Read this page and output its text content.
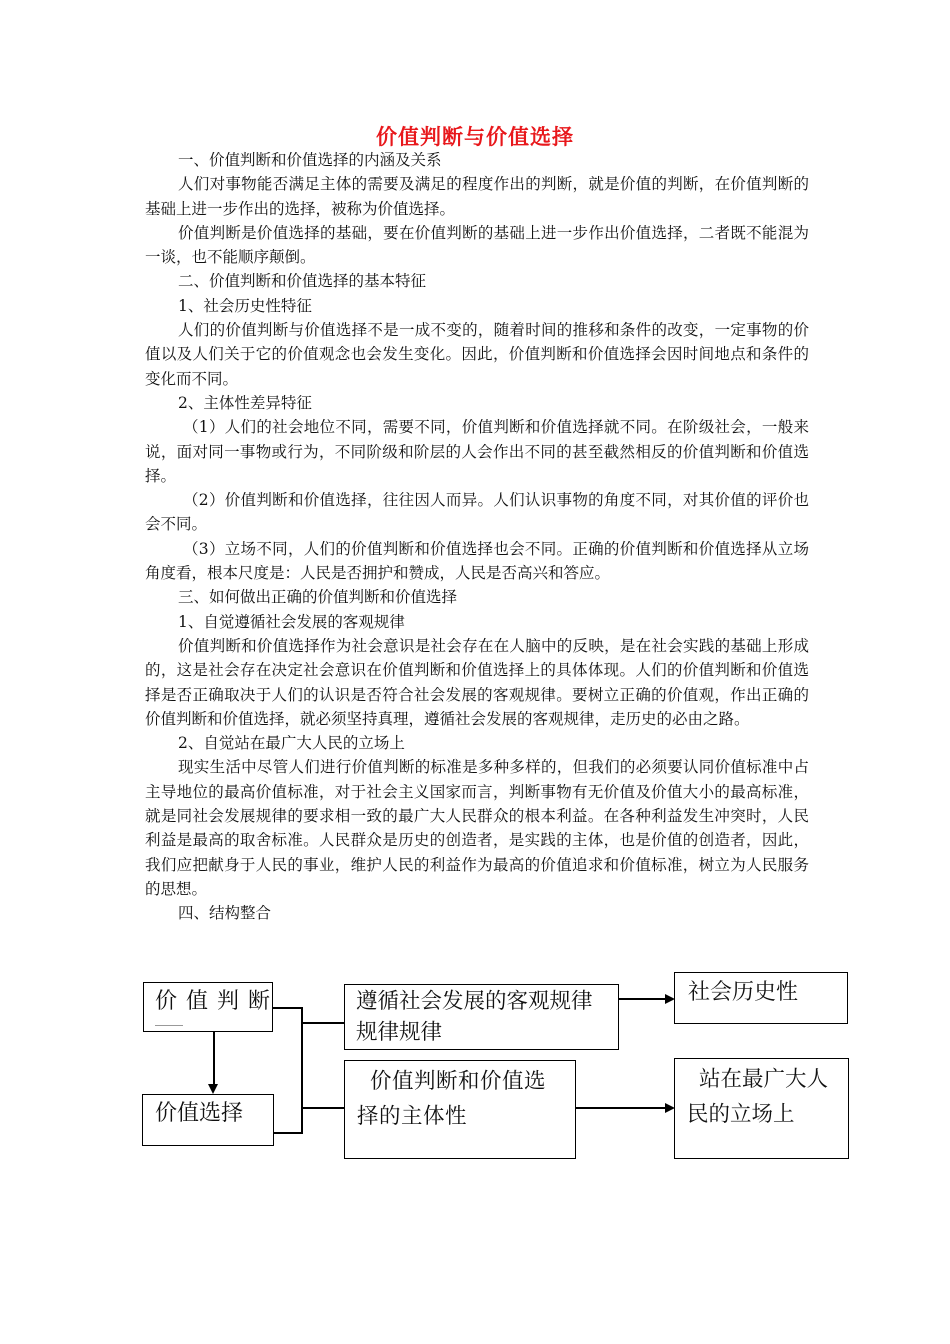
价值判断与价值选择

一、价值判断和价值选择的内涵及关系

人们对事物能否满足主体的需要及满足的程度作出的判断，就是价值的判断，在价值判断的基础上进一步作出的选择，被称为价值选择。

价值判断是价值选择的基础，要在价值判断的基础上进一步作出价值选择，二者既不能混为一谈，也不能顺序颠倒。

二、价值判断和价值选择的基本特征

1、社会历史性特征

人们的价值判断与价值选择不是一成不变的，随着时间的推移和条件的改变，一定事物的价值以及人们关于它的价值观念也会发生变化。因此，价值判断和价值选择会因时间地点和条件的变化而不同。

2、主体性差异特征

（1）人们的社会地位不同，需要不同，价值判断和价值选择就不同。在阶级社会，一般来说，面对同一事物或行为，不同阶级和阶层的人会作出不同的甚至截然相反的价值判断和价值选择。

（2）价值判断和价值选择，往往因人而异。人们认识事物的角度不同，对其价值的评价也会不同。

（3）立场不同，人们的价值判断和价值选择也会不同。正确的价值判断和价值选择从立场角度看，根本尺度是：人民是否拥护和赞成，人民是否高兴和答应。

三、如何做出正确的价值判断和价值选择

1、自觉遵循社会发展的客观规律

价值判断和价值选择作为社会意识是社会存在在人脑中的反映，是在社会实践的基础上形成的，这是社会存在决定社会意识在价值判断和价值选择上的具体体现。人们的价值判断和价值选择是否正确取决于人们的认识是否符合社会发展的客观规律。要树立正确的价值观，作出正确的价值判断和价值选择，就必须坚持真理，遵循社会发展的客观规律，走历史的必由之路。

2、自觉站在最广大人民的立场上

现实生活中尽管人们进行价值判断的标准是多种多样的，但我们的必须要认同价值标准中占主导地位的最高价值标准，对于社会主义国家而言，判断事物有无价值及价值大小的最高标准，就是同社会发展规律的要求相一致的最广大人民群众的根本利益。在各种利益发生冲突时，人民利益是最高的取舍标准。人民群众是历史的创造者，是实践的主体，也是价值的创造者，因此，我们应把献身于人民的事业，维护人民的利益作为最高的价值追求和价值标准，树立为人民服务的思想。

四、结构整合

价 值 判 断
价值选择
遵循社会发展的客观规律
规律规律
社会历史性
价值判断和价值选择的主体性
站在最广大人民的立场上
